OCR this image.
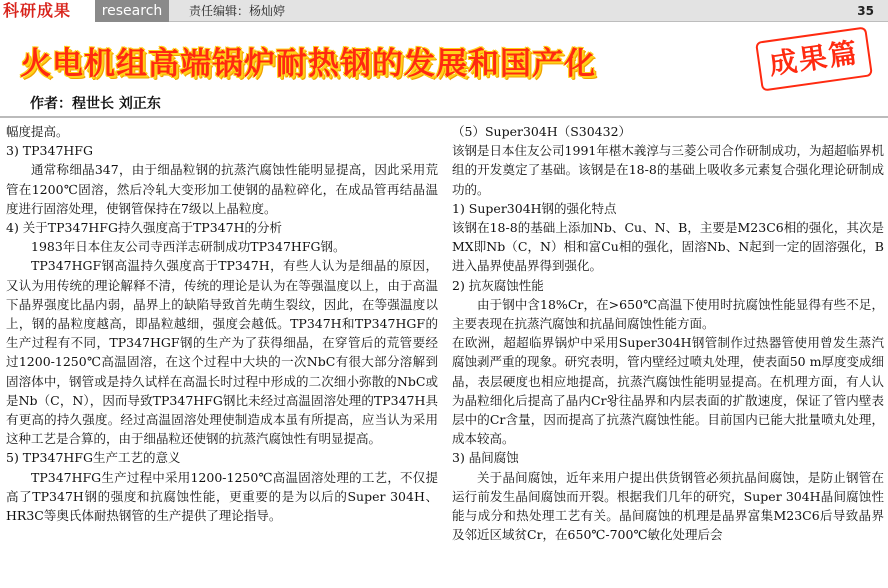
科研成果	research	责任编辑：杨灿婷	35
火电机组高端锅炉耐热钢的发展和国产化	成果篇
作者：程世长 刘正东
幅度提高。
3) TP347HFG
通常称细晶347，由于细晶粒钢的抗蒸汽腐蚀性能明显提高，因此采用荒管在1200℃固溶，然后冷轧大变形加工使钢的晶粒碎化，在成品管再结晶温度进行固溶处理，使钢管保持在7级以上晶粒度。
4) 关于TP347HFG持久强度高于TP347H的分析
1983年日本住友公司寺西洋志研制成功TP347HFG钢。
TP347HGF钢高温持久强度高于TP347H，有些人认为是细晶的原因，又认为用传统的理论解释不清，传统的理论是认为在等强温度以上，由于高温下晶界强度比晶内弱，晶界上的缺陷导致首先萌生裂纹，因此，在等强温度以上，钢的晶粒度越高，即晶粒越细，强度会越低。TP347H和TP347HGF的生产过程有不同，TP347HGF钢的生产为了获得细晶，在穿管后的荒管要经过1200-1250℃高温固溶，在这个过程中大块的一次NbC有很大部分溶解到固溶体中，钢管或是持久试样在高温长时过程中形成的二次细小弥散的NbC或是Nb（C，N），因而导致TP347HFG钢比未经过高温固溶处理的TP347H具有更高的持久强度。经过高温固溶处理使制造成本虽有所提高，应当认为采用这种工艺是合算的，由于细晶粒还使钢的抗蒸汽腐蚀性有明显提高。
5) TP347HFG生产工艺的意义
TP347HFG生产过程中采用1200-1250℃高温固溶处理的工艺，不仅提高了TP347H钢的强度和抗腐蚀性能，更重要的是为以后的Super 304H、HR3C等奥氏体耐热钢管的生产提供了理论指导。
（5）Super304H（S30432）
该钢是日本住友公司1991年椹木義淳与三菱公司合作研制成功，为超超临界机组的开发奠定了基础。该钢是在18-8的基础上吸收多元素复合强化理论研制成功的。
1) Super304H钢的强化特点
该钢在18-8的基础上添加Nb、Cu、N、B，主要是M23C6相的强化，其次是MX即Nb（C，N）相和富Cu相的强化，固溶Nb、N起到一定的固溶强化，B进入晶界使晶界得到强化。
2) 抗灰腐蚀性能
由于钢中含18%Cr，在>650℃高温下使用时抗腐蚀性能显得有些不足，主要表现在抗蒸汽腐蚀和抗晶间腐蚀性能方面。
在欧洲，超超临界锅炉中采用Super304H钢管制作过热器管使用曾发生蒸汽腐蚀剥严重的现象。研究表明，管内壁经过喷丸处理，使表面50 m厚度变成细晶，表层硬度也相应地提高，抗蒸汽腐蚀性能明显提高。在机理方面，有人认为晶粒细化后提高了晶内Cr왕往晶界和内层表面的扩散速度，保证了管内壁表层中的Cr含量，因而提高了抗蒸汽腐蚀性能。目前国内已能大批量喷丸处理，成本较高。
3) 晶间腐蚀
关于晶间腐蚀，近年来用户提出供货钢管必须抗晶间腐蚀，是防止钢管在运行前发生晶间腐蚀而开裂。根据我们几年的研究，Super 304H晶间腐蚀性能与成分和热处理工艺有关。晶间腐蚀的机理是晶界富集M23C6后导致晶界及邻近区域贫Cr，在650℃-700℃敏化处理后会
